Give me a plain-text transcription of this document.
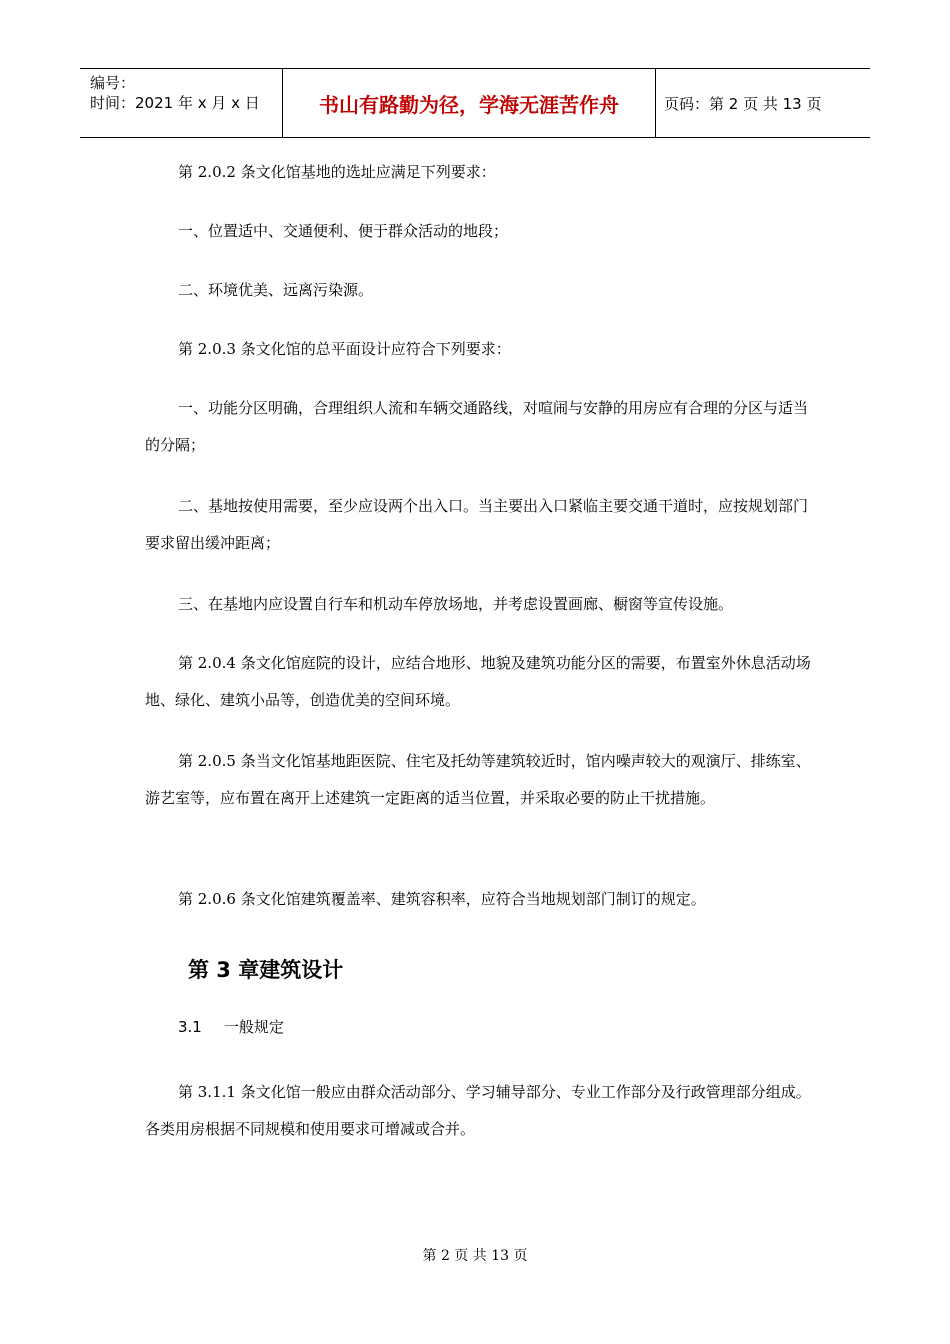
编号：
时间：2021 年 x 月 x 日	书山有路勤为径，学海无涯苦作舟	页码：第 2 页 共 13 页

第 2.0.2 条文化馆基地的选址应满足下列要求：

一、位置适中、交通便利、便于群众活动的地段；

二、环境优美、远离污染源。

第 2.0.3 条文化馆的总平面设计应符合下列要求：

一、功能分区明确，合理组织人流和车辆交通路线，对喧闹与安静的用房应有合理的分区与适当的分隔；

二、基地按使用需要，至少应设两个出入口。当主要出入口紧临主要交通干道时，应按规划部门要求留出缓冲距离；

三、在基地内应设置自行车和机动车停放场地，并考虑设置画廊、橱窗等宣传设施。

第 2.0.4 条文化馆庭院的设计，应结合地形、地貌及建筑功能分区的需要，布置室外休息活动场地、绿化、建筑小品等，创造优美的空间环境。

第 2.0.5 条当文化馆基地距医院、住宅及托幼等建筑较近时，馆内噪声较大的观演厅、排练室、游艺室等，应布置在离开上述建筑一定距离的适当位置，并采取必要的防止干扰措施。

第 2.0.6 条文化馆建筑覆盖率、建筑容积率，应符合当地规划部门制订的规定。

第 3 章建筑设计
3.1 一般规定

第 3.1.1 条文化馆一般应由群众活动部分、学习辅导部分、专业工作部分及行政管理部分组成。各类用房根据不同规模和使用要求可增减或合并。

第 2 页 共 13 页
